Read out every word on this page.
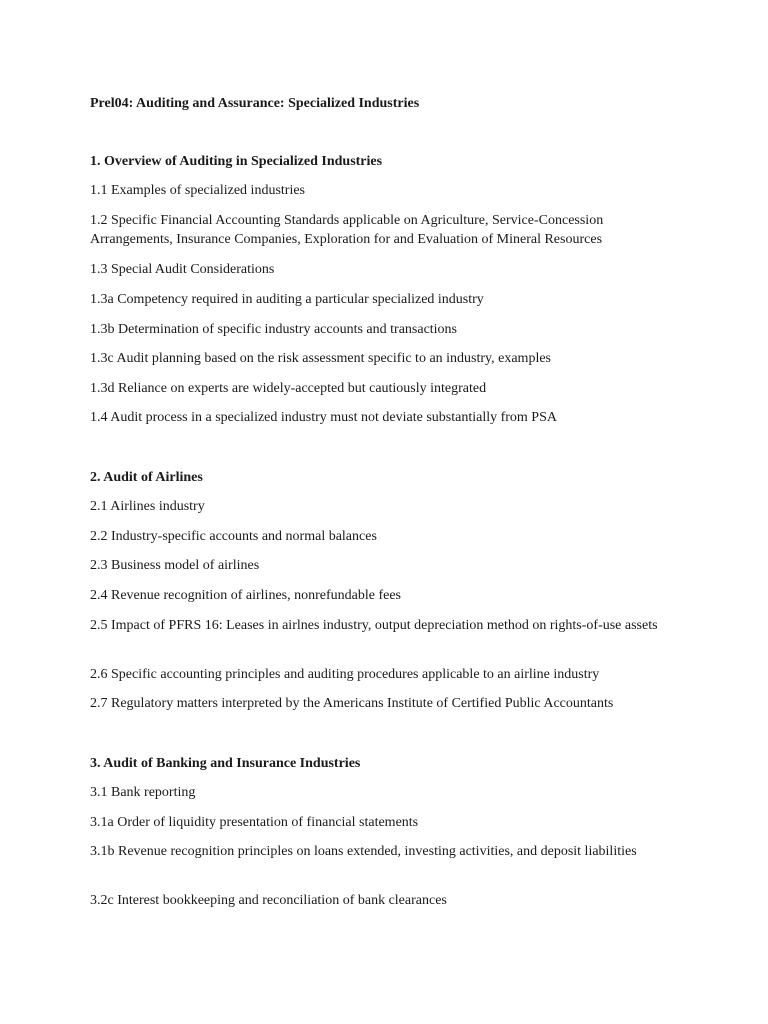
Prel04: Auditing and Assurance: Specialized Industries
1. Overview of Auditing in Specialized Industries
1.1 Examples of specialized industries
1.2 Specific Financial Accounting Standards applicable on Agriculture, Service-Concession Arrangements, Insurance Companies, Exploration for and Evaluation of Mineral Resources
1.3 Special Audit Considerations
1.3a Competency required in auditing a particular specialized industry
1.3b Determination of specific industry accounts and transactions
1.3c Audit planning based on the risk assessment specific to an industry, examples
1.3d Reliance on experts are widely-accepted but cautiously integrated
1.4 Audit process in a specialized industry must not deviate substantially from PSA
2. Audit of Airlines
2.1 Airlines industry
2.2 Industry-specific accounts and normal balances
2.3 Business model of airlines
2.4 Revenue recognition of airlines, nonrefundable fees
2.5 Impact of PFRS 16: Leases in airlnes industry, output depreciation method on rights-of-use assets
2.6 Specific accounting principles and auditing procedures applicable to an airline industry
2.7 Regulatory matters interpreted by the Americans Institute of Certified Public Accountants
3. Audit of Banking and Insurance Industries
3.1 Bank reporting
3.1a Order of liquidity presentation of financial statements
3.1b Revenue recognition principles on loans extended, investing activities, and deposit liabilities
3.2c Interest bookkeeping and reconciliation of bank clearances
